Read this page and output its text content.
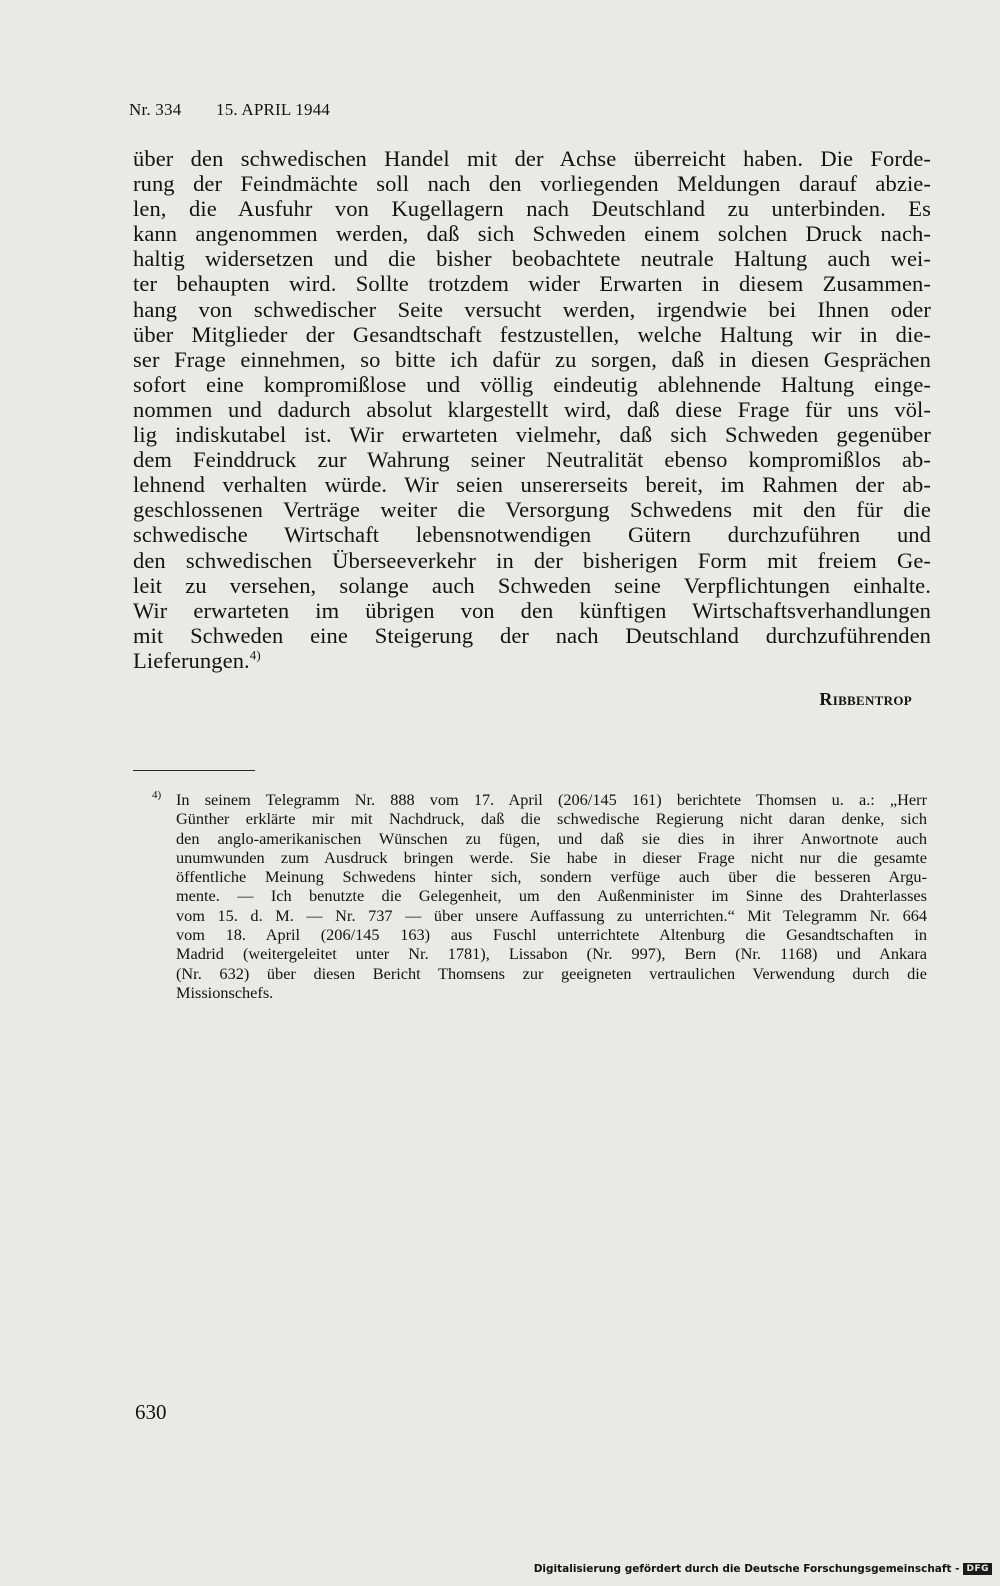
Nr. 334	15. APRIL 1944

über den schwedischen Handel mit der Achse überreicht haben. Die Forde-
rung der Feindmächte soll nach den vorliegenden Meldungen darauf abzie-
len, die Ausfuhr von Kugellagern nach Deutschland zu unterbinden. Es
kann angenommen werden, daß sich Schweden einem solchen Druck nach-
haltig widersetzen und die bisher beobachtete neutrale Haltung auch wei-
ter behaupten wird. Sollte trotzdem wider Erwarten in diesem Zusammen-
hang von schwedischer Seite versucht werden, irgendwie bei Ihnen oder
über Mitglieder der Gesandtschaft festzustellen, welche Haltung wir in die-
ser Frage einnehmen, so bitte ich dafür zu sorgen, daß in diesen Gesprächen
sofort eine kompromißlose und völlig eindeutig ablehnende Haltung einge-
nommen und dadurch absolut klargestellt wird, daß diese Frage für uns völ-
lig indiskutabel ist. Wir erwarteten vielmehr, daß sich Schweden gegenüber
dem Feinddruck zur Wahrung seiner Neutralität ebenso kompromißlos ab-
lehnend verhalten würde. Wir seien unsererseits bereit, im Rahmen der ab-
geschlossenen Verträge weiter die Versorgung Schwedens mit den für die
schwedische Wirtschaft lebensnotwendigen Gütern durchzuführen und
den schwedischen Überseeverkehr in der bisherigen Form mit freiem Ge-
leit zu versehen, solange auch Schweden seine Verpflichtungen einhalte.
Wir erwarteten im übrigen von den künftigen Wirtschaftsverhandlungen
mit Schweden eine Steigerung der nach Deutschland durchzuführenden
Lieferungen.$^{4)}$

Ribbentrop
4) In seinem Telegramm Nr. 888 vom 17. April (206/145 161) berichtete Thomsen u. a.: „Herr
Günther erklärte mir mit Nachdruck, daß die schwedische Regierung nicht daran denke, sich
den anglo-amerikanischen Wünschen zu fügen, und daß sie dies in ihrer Anwortnote auch
unumwunden zum Ausdruck bringen werde. Sie habe in dieser Frage nicht nur die gesamte
öffentliche Meinung Schwedens hinter sich, sondern verfüge auch über die besseren Argu-
mente. — Ich benutzte die Gelegenheit, um den Außenminister im Sinne des Drahterlasses
vom 15. d. M. — Nr. 737 — über unsere Auffassung zu unterrichten.“ Mit Telegramm Nr. 664
vom 18. April (206/145 163) aus Fuschl unterrichtete Altenburg die Gesandtschaften in
Madrid (weitergeleitet unter Nr. 1781), Lissabon (Nr. 997), Bern (Nr. 1168) und Ankara
(Nr. 632) über diesen Bericht Thomsens zur geeigneten vertraulichen Verwendung durch die
Missionschefs.
630
Digitalisierung gefördert durch die Deutsche Forschungsgemeinschaft - DFG
